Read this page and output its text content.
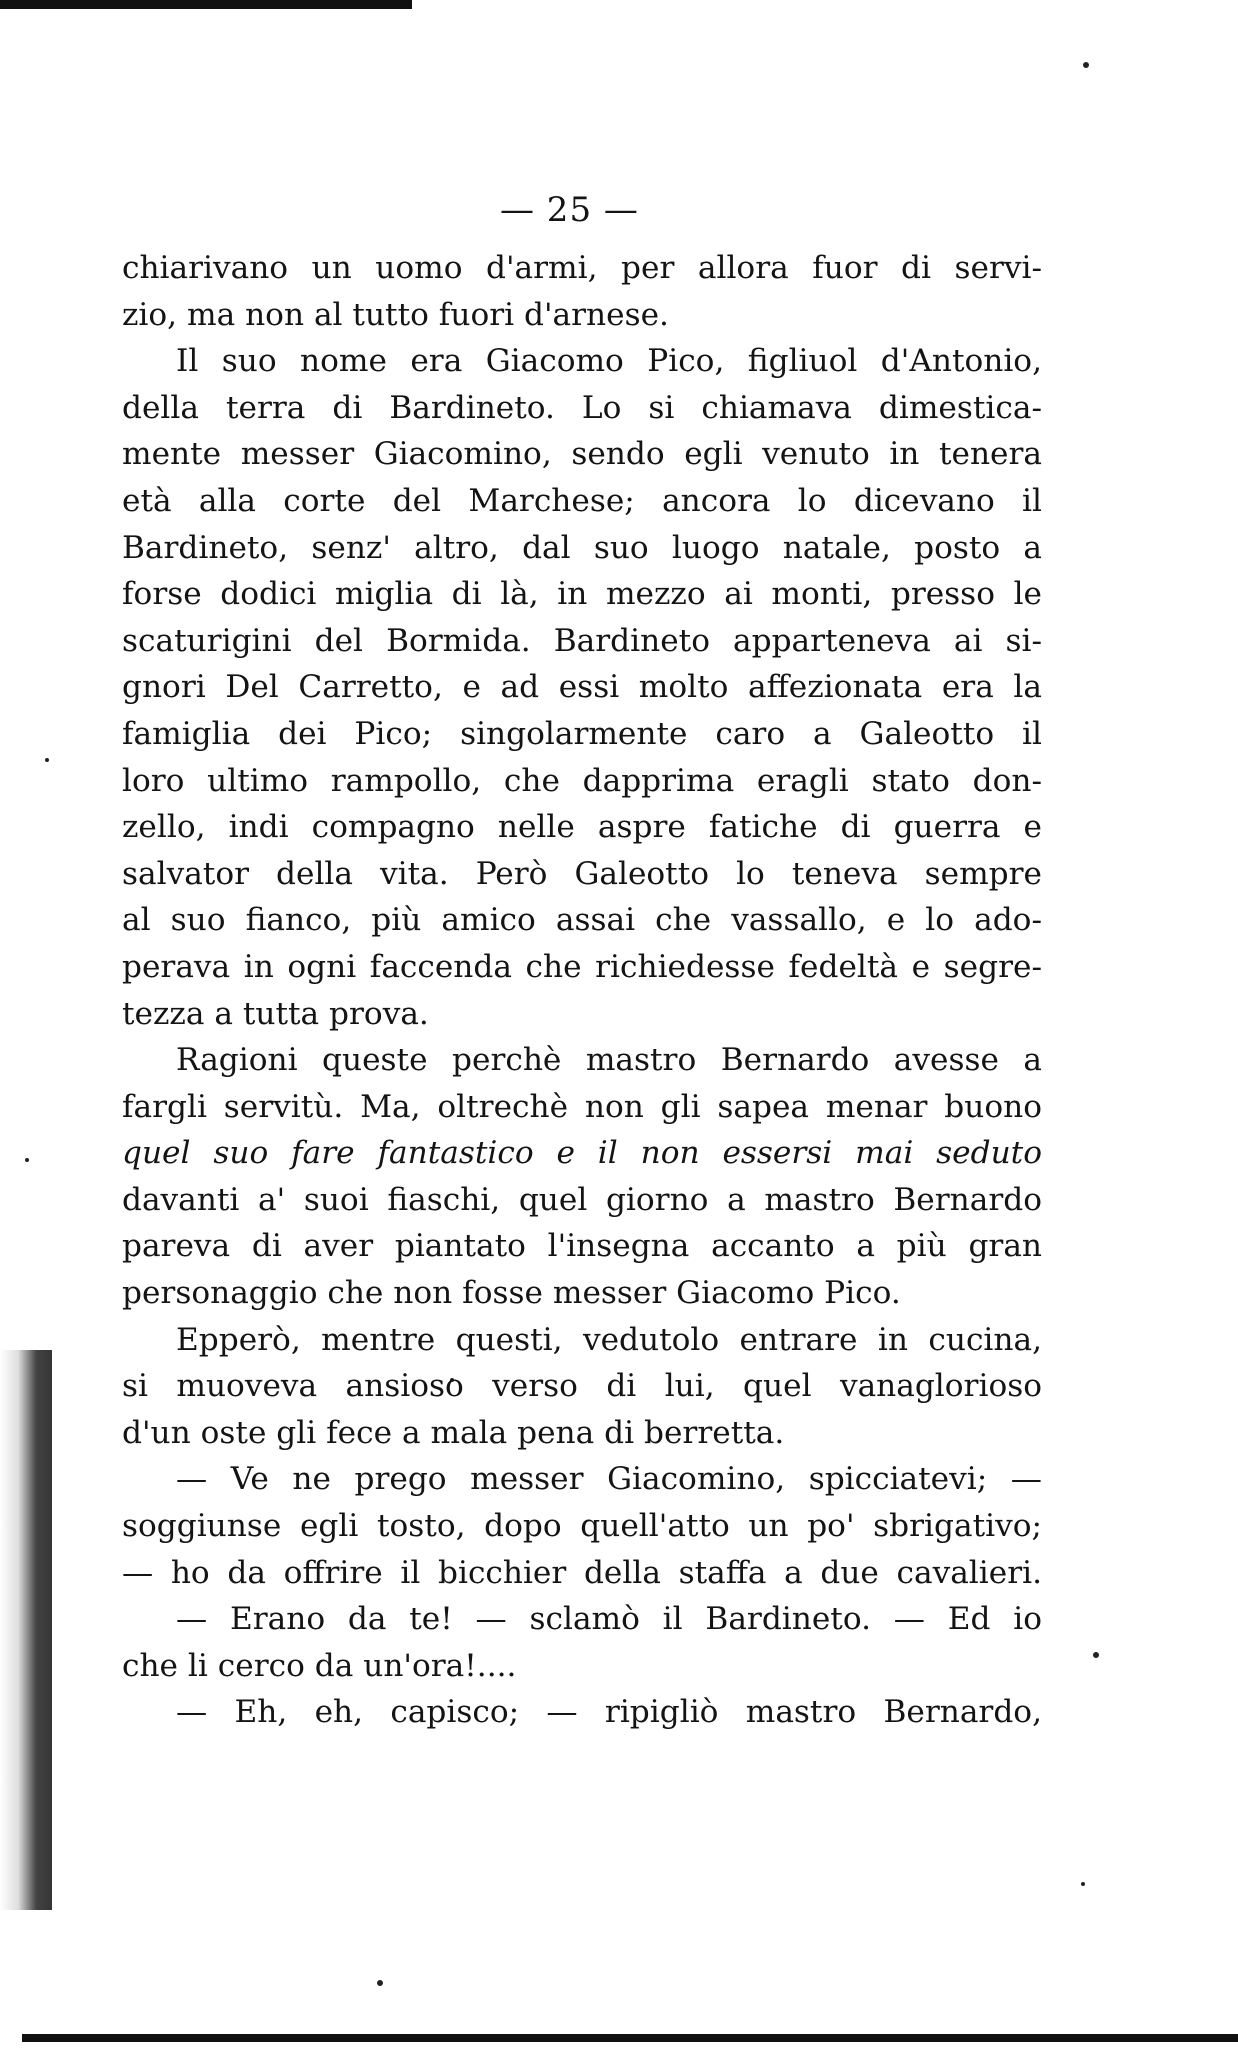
— 25 —
chiarivano un uomo d'armi, per allora fuor di servi-
zio, ma non al tutto fuori d'arnese.
Il suo nome era Giacomo Pico, figliuol d'Antonio,
della terra di Bardineto. Lo si chiamava dimestica-
mente messer Giacomino, sendo egli venuto in tenera
età alla corte del Marchese; ancora lo dicevano il
Bardineto, senz' altro, dal suo luogo natale, posto a
forse dodici miglia di là, in mezzo ai monti, presso le
scaturigini del Bormida. Bardineto apparteneva ai si-
gnori Del Carretto, e ad essi molto affezionata era la
famiglia dei Pico; singolarmente caro a Galeotto il
loro ultimo rampollo, che dapprima eragli stato don-
zello, indi compagno nelle aspre fatiche di guerra e
salvator della vita. Però Galeotto lo teneva sempre
al suo fianco, più amico assai che vassallo, e lo ado-
perava in ogni faccenda che richiedesse fedeltà e segre-
tezza a tutta prova.
Ragioni queste perchè mastro Bernardo avesse a
fargli servitù. Ma, oltrechè non gli sapea menar buono
quel suo fare fantastico e il non essersi mai seduto
davanti a' suoi fiaschi, quel giorno a mastro Bernardo
pareva di aver piantato l'insegna accanto a più gran
personaggio che non fosse messer Giacomo Pico.
Epperò, mentre questi, vedutolo entrare in cucina,
si muoveva ansioso verso di lui, quel vanaglorioso
d'un oste gli fece a mala pena di berretta.
— Ve ne prego messer Giacomino, spicciatevi; —
soggiunse egli tosto, dopo quell'atto un po' sbrigativo;
— ho da offrire il bicchier della staffa a due cavalieri.
— Erano da te! — sclamò il Bardineto. — Ed io
che li cerco da un'ora!....
— Eh, eh, capisco; — ripigliò mastro Bernardo,
